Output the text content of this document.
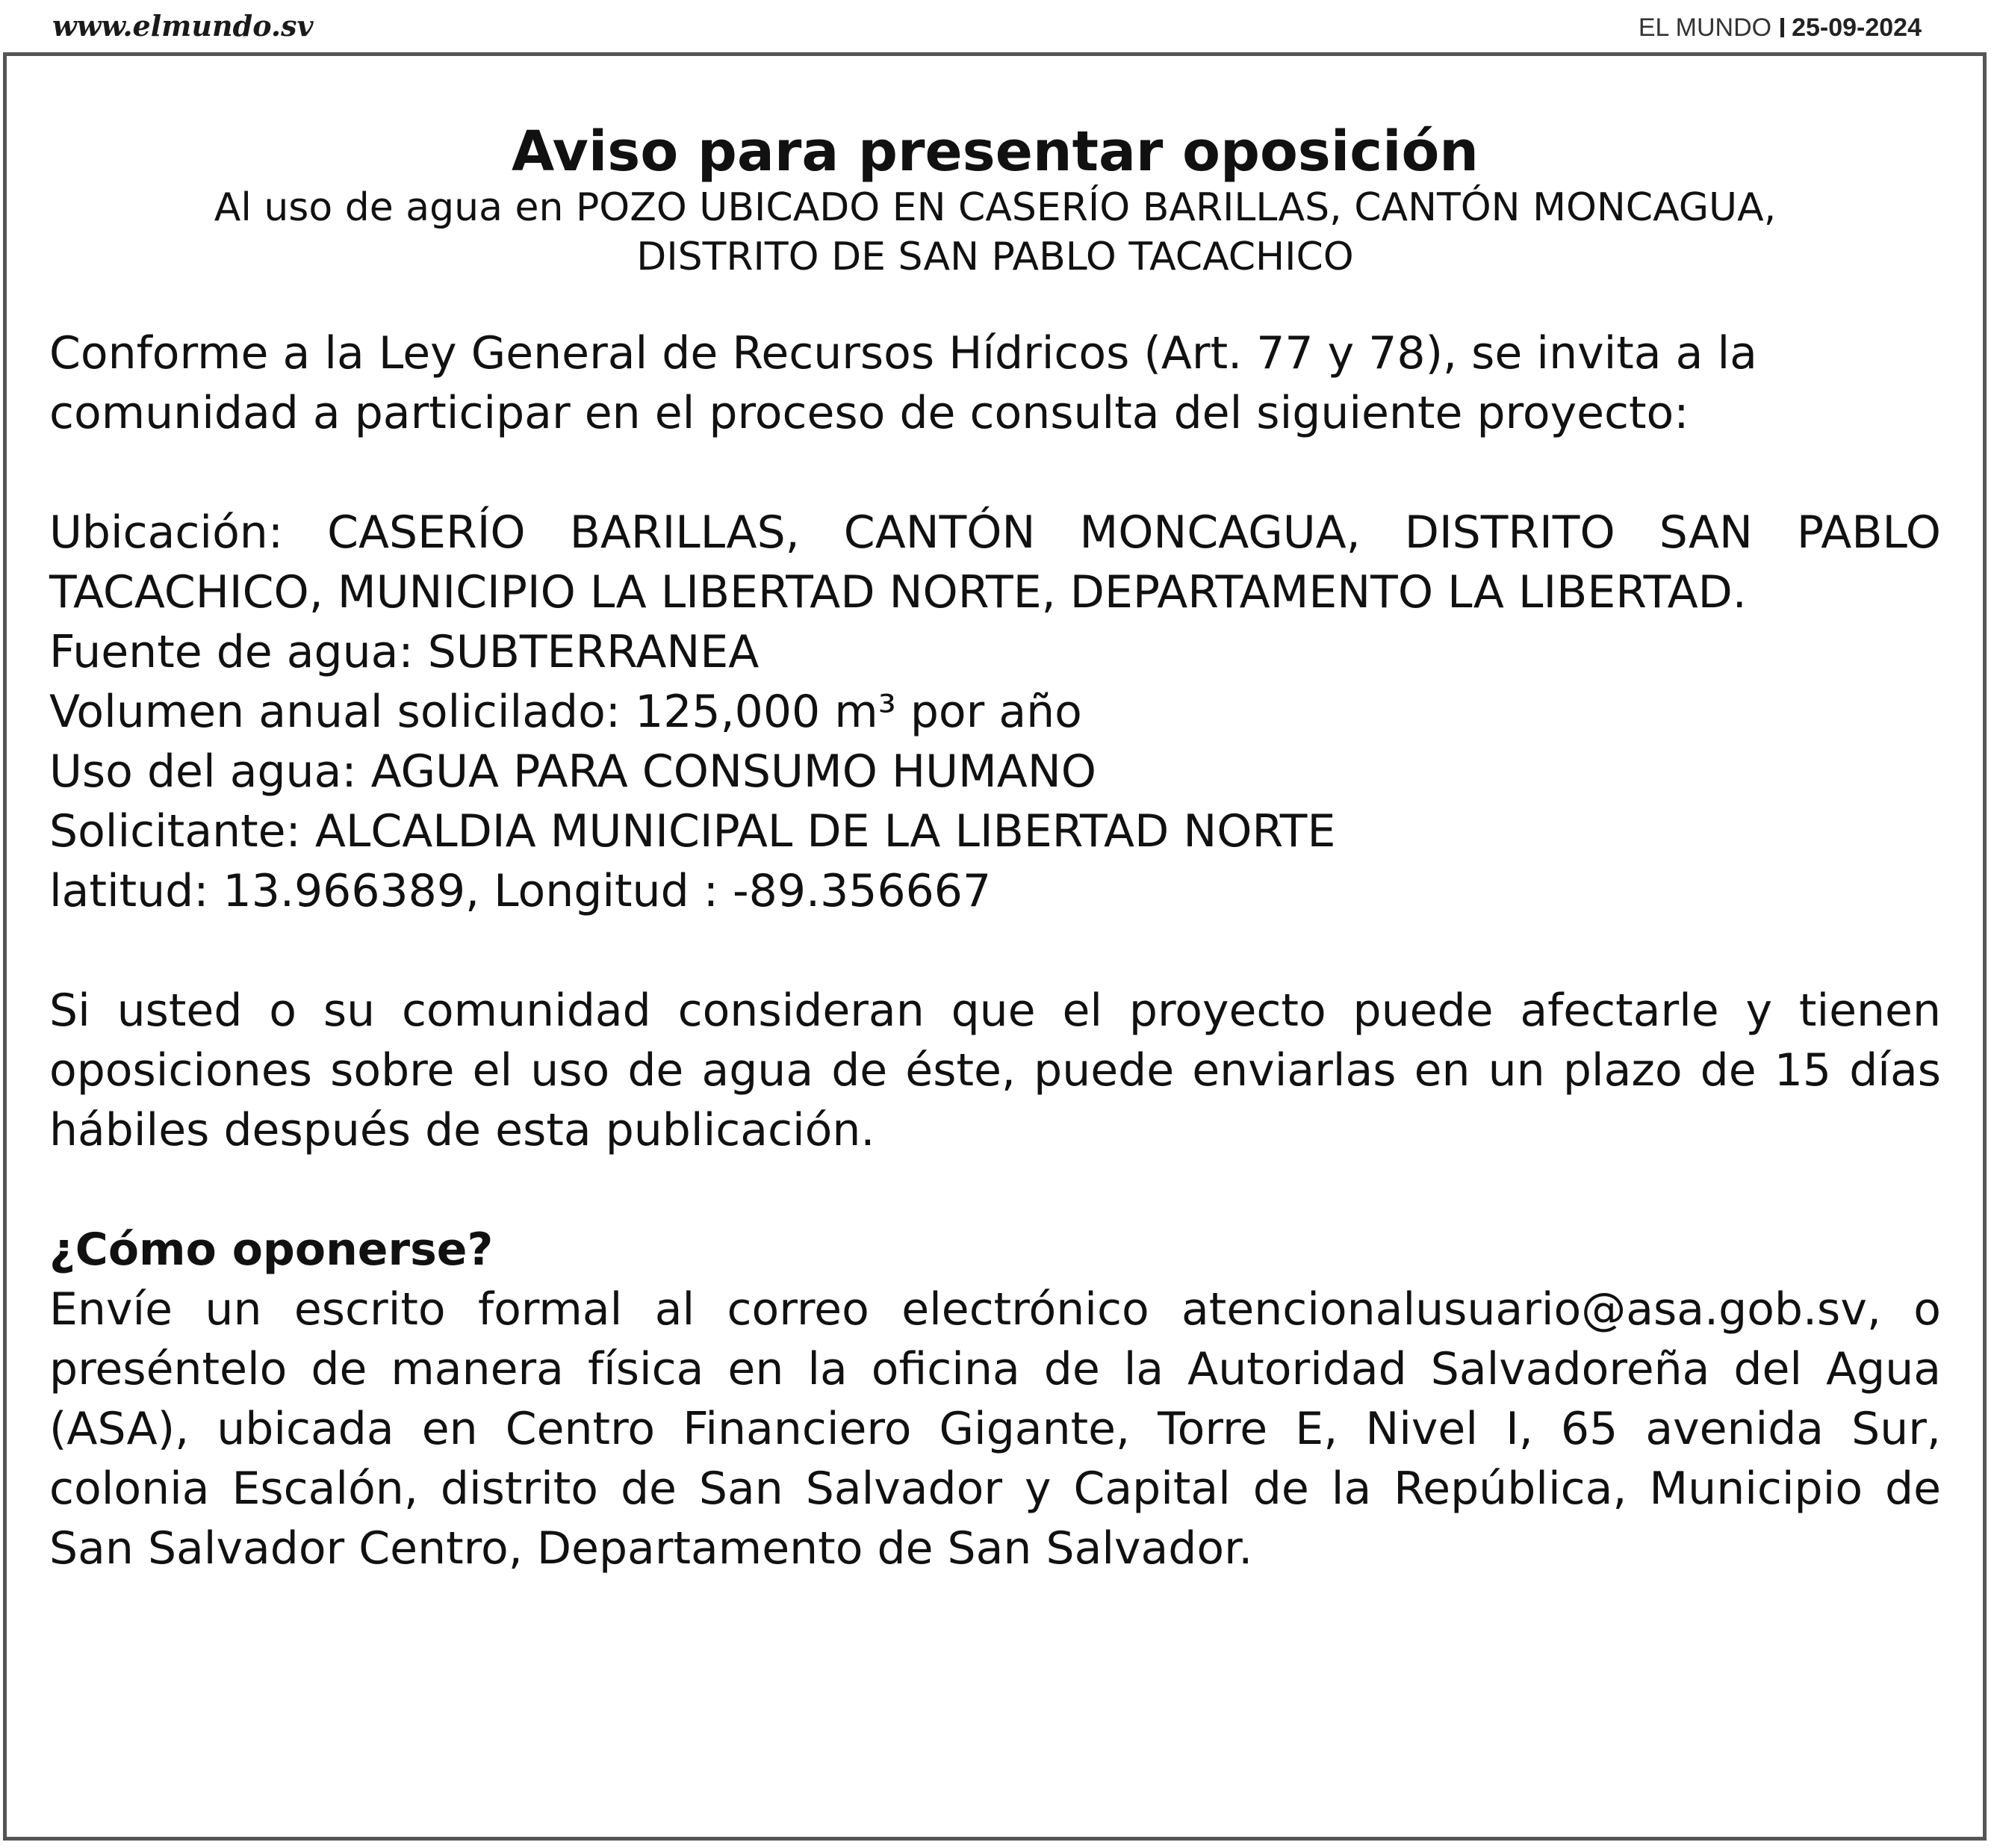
www.elmundo.sv	EL MUNDO 25-09-2024
Aviso para presentar oposición

Al uso de agua en POZO UBICADO EN CASERÍO BARILLAS, CANTÓN MONCAGUA,

DISTRITO DE SAN PABLO TACACHICO

Conforme a la Ley General de Recursos Hídricos (Art. 77 y 78), se invita a la comunidad a participar en el proceso de consulta del siguiente proyecto:

Ubicación: CASERÍO BARILLAS, CANTÓN MONCAGUA, DISTRITO SAN PABLO TACACHICO, MUNICIPIO LA LIBERTAD NORTE, DEPARTAMENTO LA LIBERTAD.

Fuente de agua: SUBTERRANEA

Volumen anual solicilado: 125,000 m³ por año

Uso del agua: AGUA PARA CONSUMO HUMANO

Solicitante: ALCALDIA MUNICIPAL DE LA LIBERTAD NORTE

latitud: 13.966389, Longitud : -89.356667

Si usted o su comunidad consideran que el proyecto puede afectarle y tienen oposiciones sobre el uso de agua de éste, puede enviarlas en un plazo de 15 días hábiles después de esta publicación.

¿Cómo oponerse?

Envíe un escrito formal al correo electrónico atencionalusuario@asa.gob.sv, o preséntelo de manera física en la oficina de la Autoridad Salvadoreña del Agua (ASA), ubicada en Centro Financiero Gigante, Torre E, Nivel I, 65 avenida Sur, colonia Escalón, distrito de San Salvador y Capital de la República, Municipio de San Salvador Centro, Departamento de San Salvador.
